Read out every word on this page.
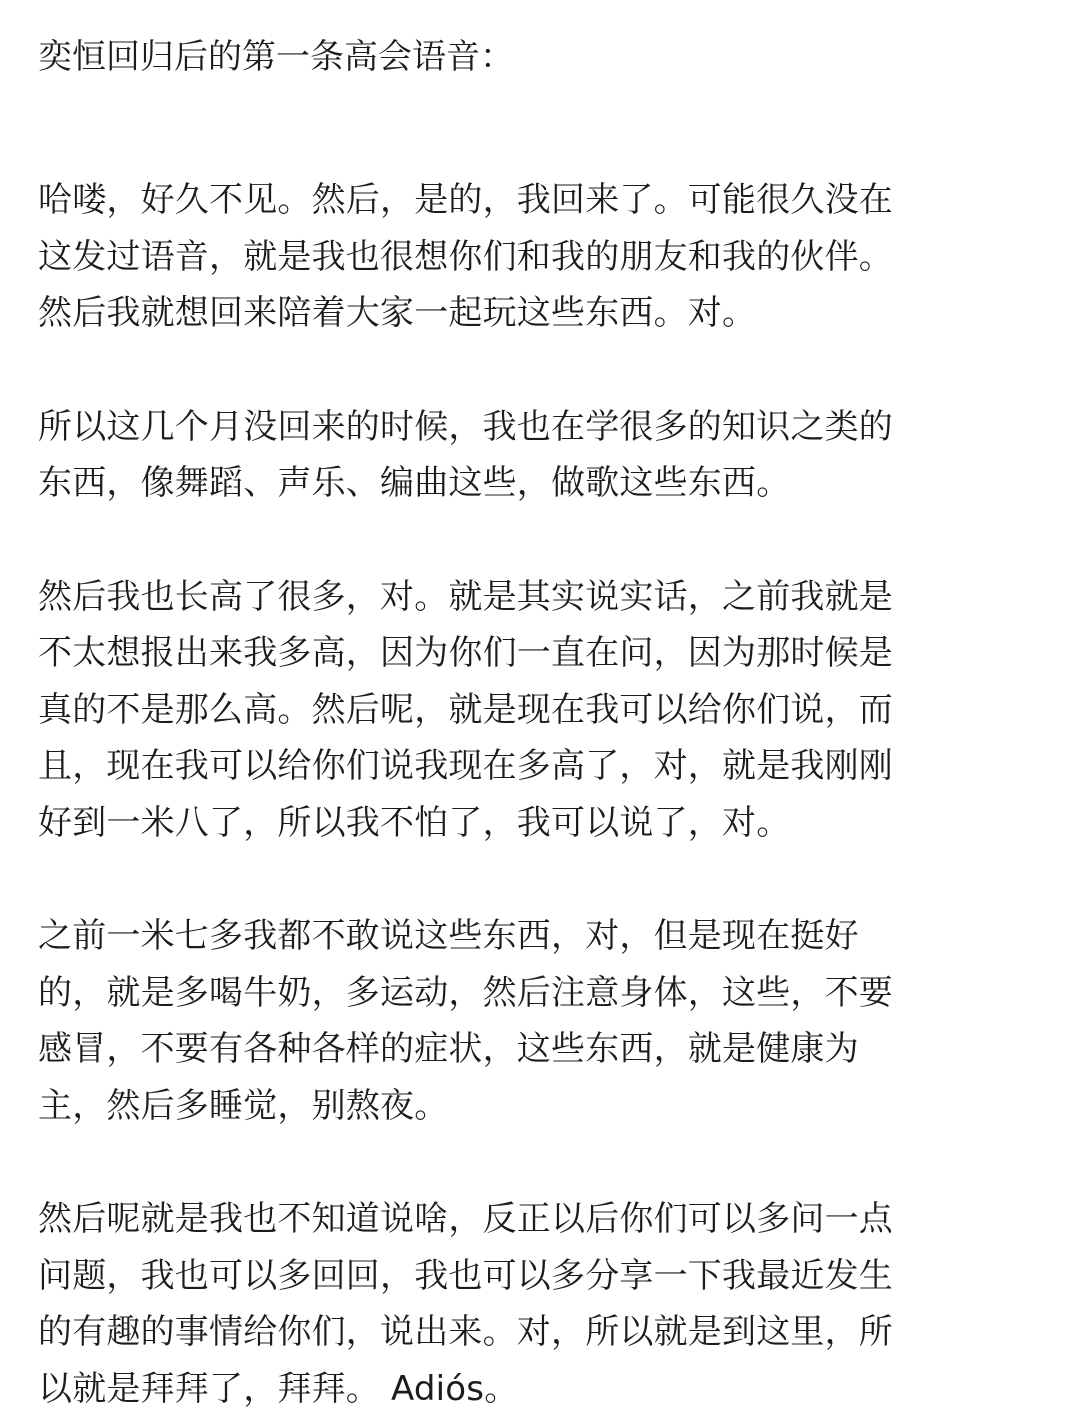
奕恒回归后的第一条高会语音：

哈喽，好久不见。然后，是的，我回来了。可能很久没在
这发过语音，就是我也很想你们和我的朋友和我的伙伴。
然后我就想回来陪着大家一起玩这些东西。对。
所以这几个月没回来的时候，我也在学很多的知识之类的
东西，像舞蹈、声乐、编曲这些，做歌这些东西。
然后我也长高了很多，对。就是其实说实话，之前我就是
不太想报出来我多高，因为你们一直在问，因为那时候是
真的不是那么高。然后呢，就是现在我可以给你们说，而
且，现在我可以给你们说我现在多高了，对，就是我刚刚
好到一米八了，所以我不怕了，我可以说了，对。
之前一米七多我都不敢说这些东西，对，但是现在挺好
的，就是多喝牛奶，多运动，然后注意身体，这些，不要
感冒，不要有各种各样的症状，这些东西，就是健康为
主，然后多睡觉，别熬夜。
然后呢就是我也不知道说啥，反正以后你们可以多问一点
问题，我也可以多回回，我也可以多分享一下我最近发生
的有趣的事情给你们，说出来。对，所以就是到这里，所
以就是拜拜了，拜拜。 Adiós。
